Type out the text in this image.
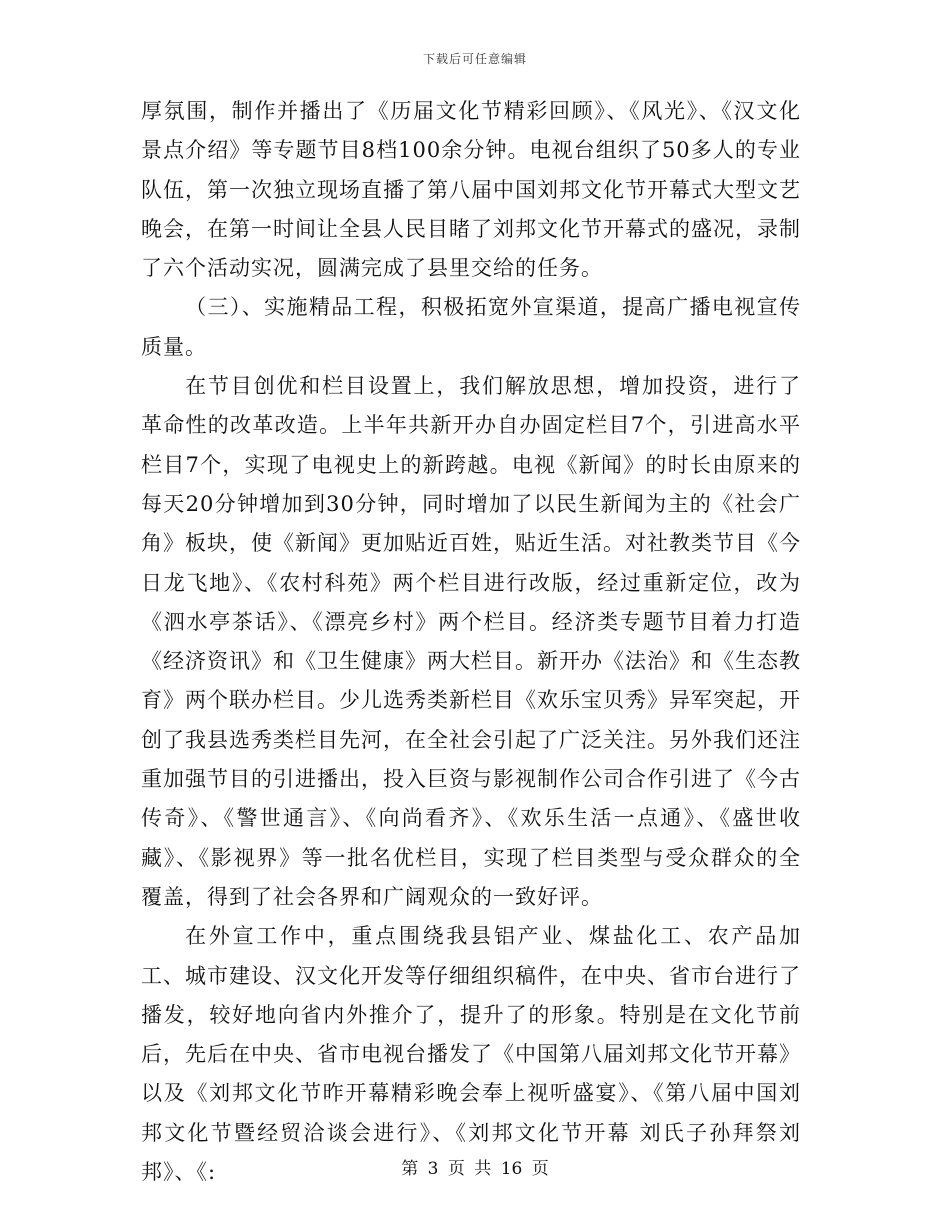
下载后可任意编辑

厚氛围，制作并播出了《历届文化节精彩回顾》、《风光》、《汉文化景点介绍》等专题节目8档100余分钟。电视台组织了50多人的专业队伍，第一次独立现场直播了第八届中国刘邦文化节开幕式大型文艺晚会，在第一时间让全县人民目睹了刘邦文化节开幕式的盛况，录制了六个活动实况，圆满完成了县里交给的任务。

（三）、实施精品工程，积极拓宽外宣渠道，提高广播电视宣传质量。

在节目创优和栏目设置上，我们解放思想，增加投资，进行了革命性的改革改造。上半年共新开办自办固定栏目7个，引进高水平栏目7个，实现了电视史上的新跨越。电视《新闻》的时长由原来的每天20分钟增加到30分钟，同时增加了以民生新闻为主的《社会广角》板块，使《新闻》更加贴近百姓，贴近生活。对社教类节目《今日龙飞地》、《农村科苑》两个栏目进行改版，经过重新定位，改为《泗水亭茶话》、《漂亮乡村》两个栏目。经济类专题节目着力打造《经济资讯》和《卫生健康》两大栏目。新开办《法治》和《生态教育》两个联办栏目。少儿选秀类新栏目《欢乐宝贝秀》异军突起，开创了我县选秀类栏目先河，在全社会引起了广泛关注。另外我们还注重加强节目的引进播出，投入巨资与影视制作公司合作引进了《今古传奇》、《警世通言》、《向尚看齐》、《欢乐生活一点通》、《盛世收藏》、《影视界》等一批名优栏目，实现了栏目类型与受众群众的全覆盖，得到了社会各界和广阔观众的一致好评。

在外宣工作中，重点围绕我县铝产业、煤盐化工、农产品加工、城市建设、汉文化开发等仔细组织稿件，在中央、省市台进行了播发，较好地向省内外推介了，提升了的形象。特别是在文化节前后，先后在中央、省市电视台播发了《中国第八届刘邦文化节开幕》以及《刘邦文化节昨开幕精彩晚会奉上视听盛宴》、《第八届中国刘邦文化节暨经贸洽谈会进行》、《刘邦文化节开幕 刘氏子孙拜祭刘邦》、《:	第 3 页 共 16 页
